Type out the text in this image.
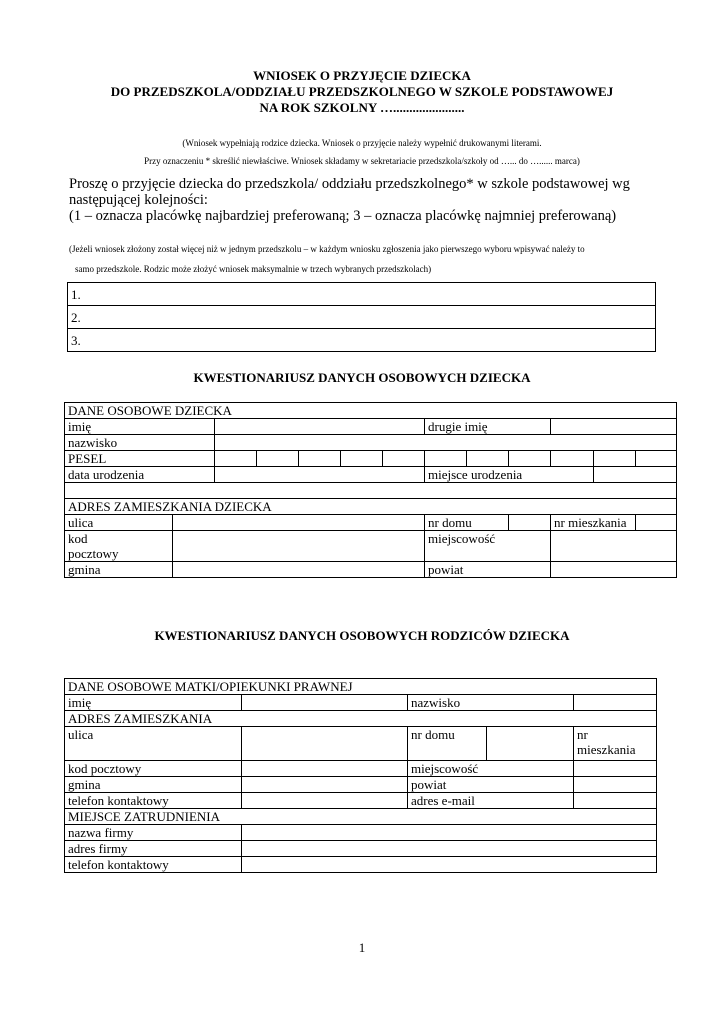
WNIOSEK O PRZYJĘCIE DZIECKA
DO PRZEDSZKOLA/ODDZIAŁU PRZEDSZKOLNEGO W SZKOLE PODSTAWOWEJ
NA ROK SZKOLNY …......................
(Wniosek wypełniają rodzice dziecka. Wniosek o przyjęcie należy wypełnić drukowanymi literami.
Przy oznaczeniu * skreślić niewłaściwe. Wniosek składamy w sekretariacie przedszkola/szkoły od …... do …...... marca)
Proszę o przyjęcie dziecka do przedszkola/ oddziału przedszkolnego* w szkole podstawowej wg
następującej kolejności:
(1 – oznacza placówkę najbardziej preferowaną; 3 – oznacza placówkę najmniej preferowaną)
(Jeżeli wniosek złożony został więcej niż w jednym przedszkolu – w każdym wniosku zgłoszenia jako pierwszego wyboru wpisywać należy to
samo przedszkole. Rodzic może złożyć wniosek maksymalnie w trzech wybranych przedszkolach)
1.
2.
3.
KWESTIONARIUSZ DANYCH OSOBOWYCH DZIECKA
DANE OSOBOWE DZIECKA												
imię							drugie imię					
nazwisko												
PESEL												
data urodzenia							miejsce urodzenia					

ADRES ZAMIESZKANIA DZIECKA												
ulica							nr domu			nr mieszkania		
kod
pocztowy							miejscowość					
gmina							powiat					
KWESTIONARIUSZ DANYCH OSOBOWYCH RODZICÓW DZIECKA
DANE OSOBOWE MATKI/OPIEKUNKI PRAWNEJ				
imię		nazwisko		
ADRES ZAMIESZKANIA				
ulica		nr domu		nr
mieszkania
kod pocztowy		miejscowość		
gmina		powiat		
telefon kontaktowy		adres e-mail		
MIEJSCE ZATRUDNIENIA				
nazwa firmy				
adres firmy				
telefon kontaktowy				
1
